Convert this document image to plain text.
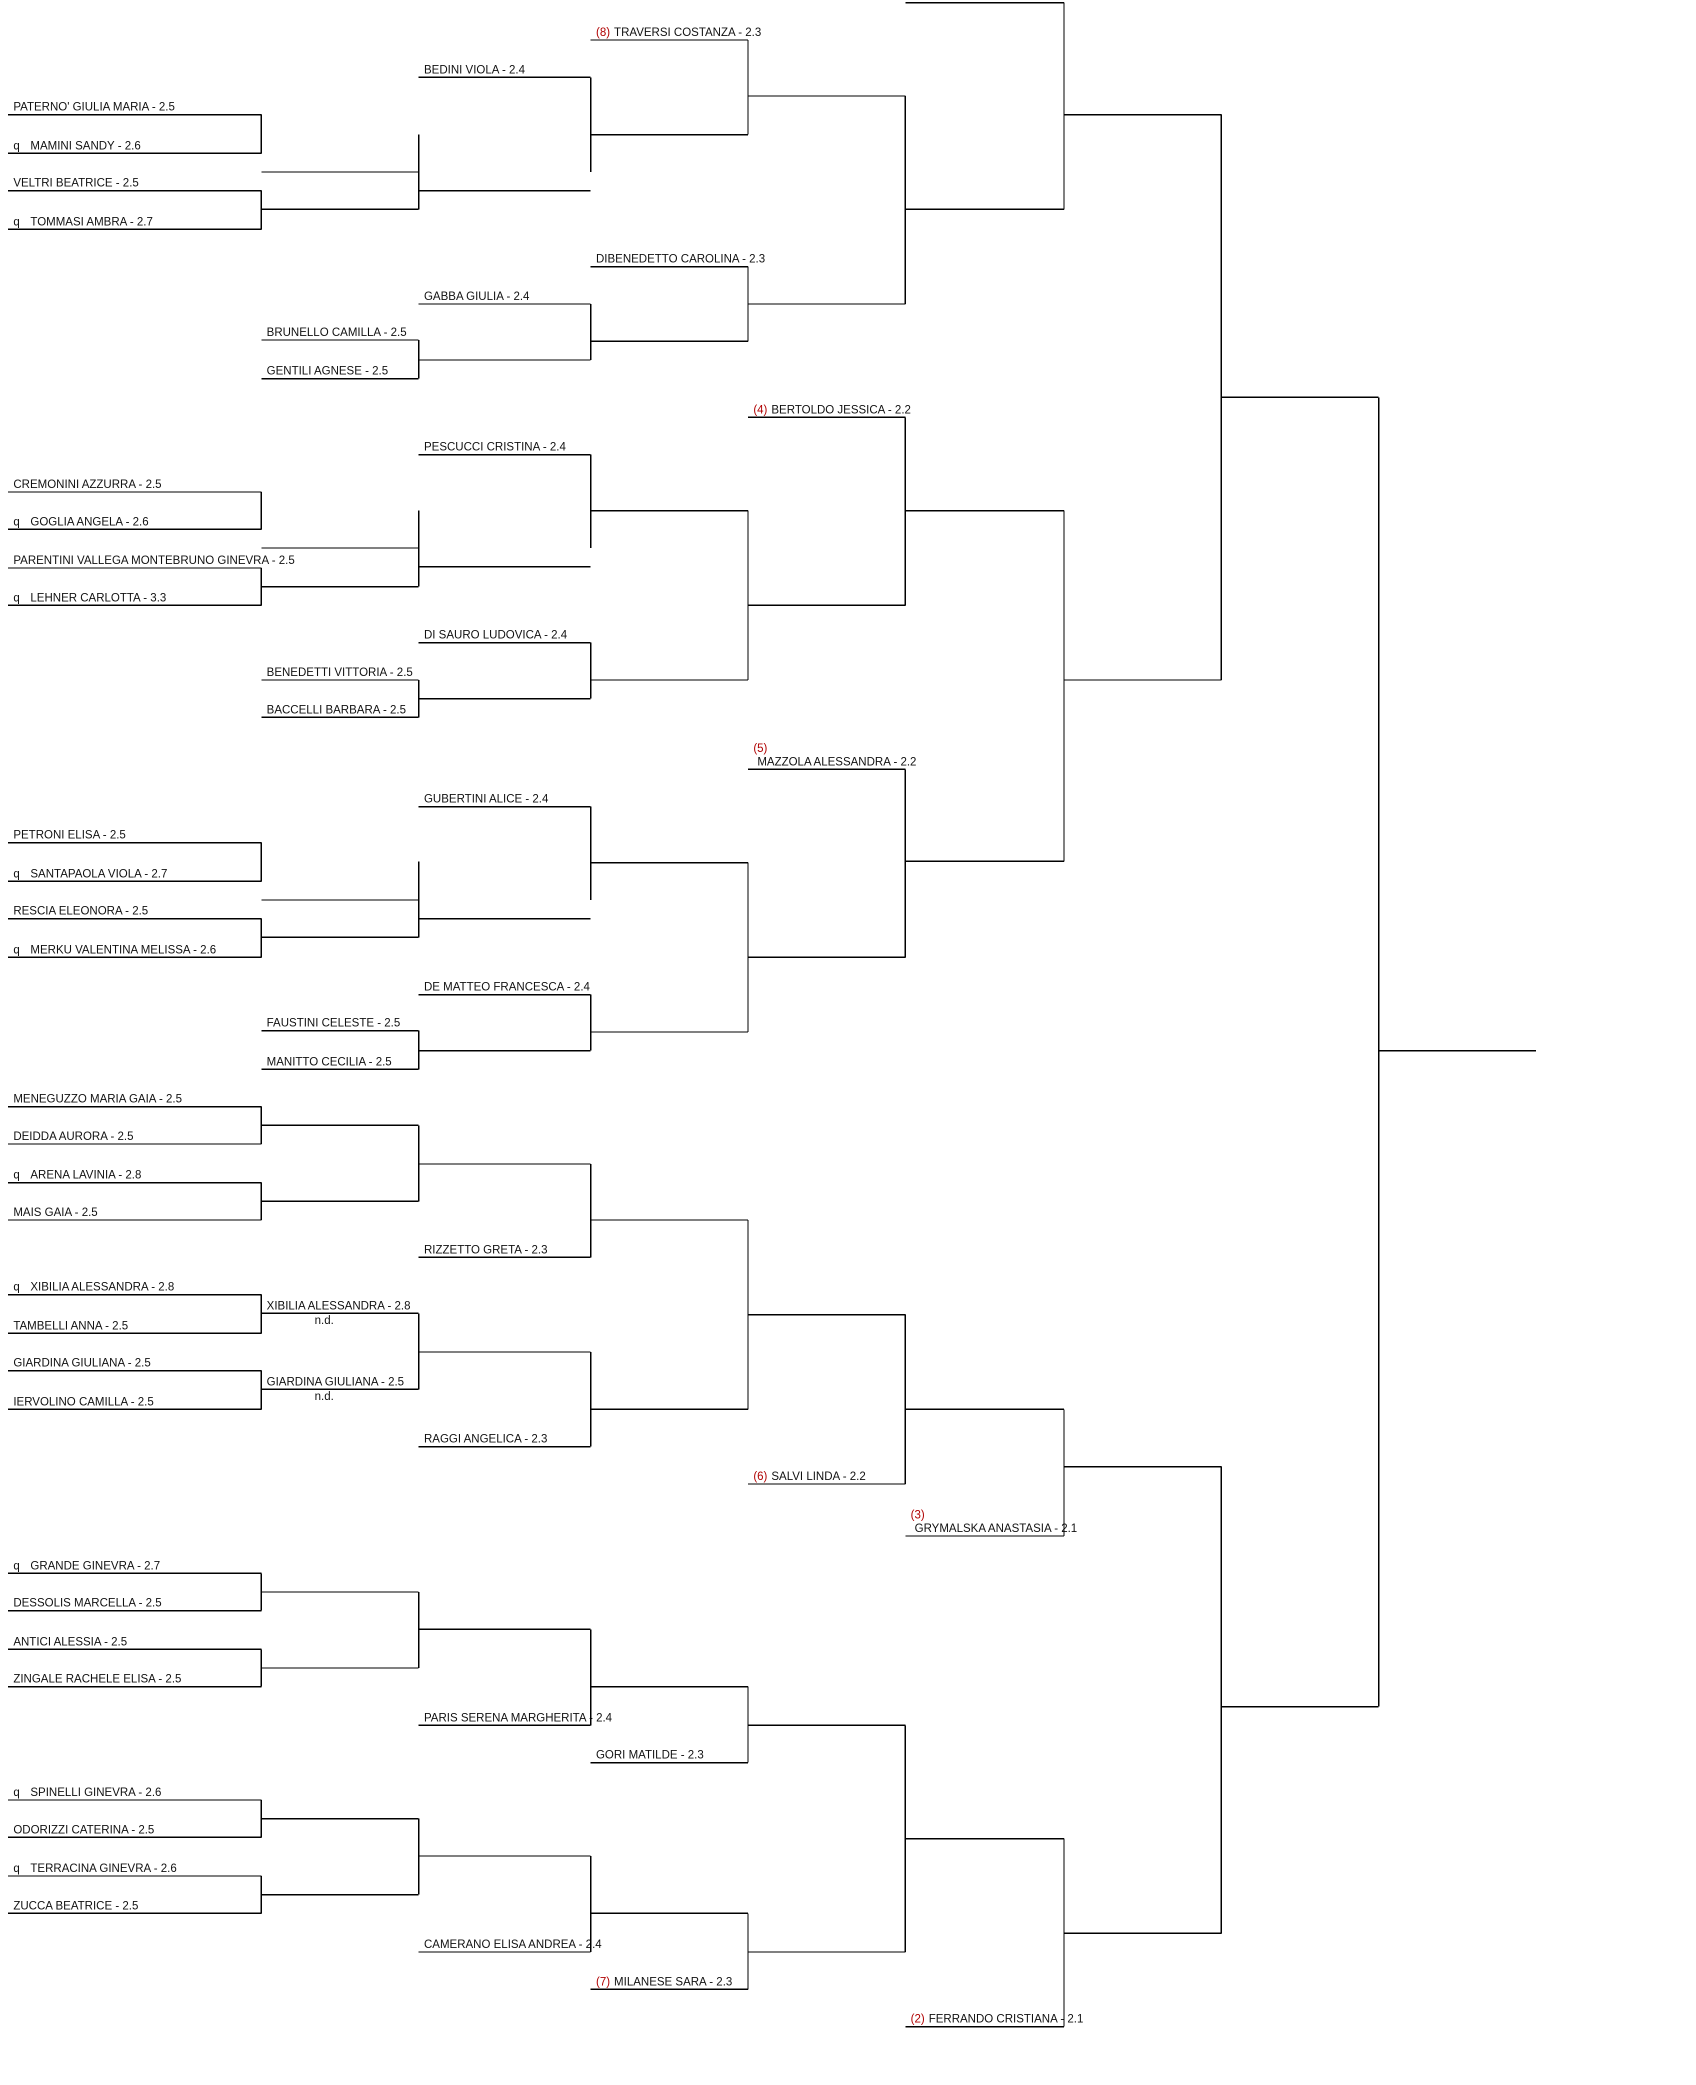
PATERNO' GIULIA MARIA - 2.5
q MAMINI SANDY - 2.6
VELTRI BEATRICE - 2.5
q TOMMASI AMBRA - 2.7
CREMONINI AZZURRA - 2.5
q GOGLIA ANGELA - 2.6
PARENTINI VALLEGA MONTEBRUNO GINEVRA - 2.5
q LEHNER CARLOTTA - 3.3
PETRONI ELISA - 2.5
q SANTAPAOLA VIOLA - 2.7
RESCIA ELEONORA - 2.5
q MERKU VALENTINA MELISSA - 2.6
MENEGUZZO MARIA GAIA - 2.5
DEIDDA AURORA - 2.5
q ARENA LAVINIA - 2.8
MAIS GAIA - 2.5
q XIBILIA ALESSANDRA - 2.8
TAMBELLI ANNA - 2.5
GIARDINA GIULIANA - 2.5
IERVOLINO CAMILLA - 2.5
q GRANDE GINEVRA - 2.7
DESSOLIS MARCELLA - 2.5
ANTICI ALESSIA - 2.5
ZINGALE RACHELE ELISA - 2.5
q SPINELLI GINEVRA - 2.6
ODORIZZI CATERINA - 2.5
q TERRACINA GINEVRA - 2.6
ZUCCA BEATRICE - 2.5
BRUNELLO CAMILLA - 2.5
GENTILI AGNESE - 2.5
BENEDETTI VITTORIA - 2.5
BACCELLI BARBARA - 2.5
FAUSTINI CELESTE - 2.5
MANITTO CECILIA - 2.5
XIBILIA ALESSANDRA - 2.8
GIARDINA GIULIANA - 2.5
BEDINI VIOLA - 2.4
GABBA GIULIA - 2.4
PESCUCCI CRISTINA - 2.4
DI SAURO LUDOVICA - 2.4
GUBERTINI ALICE - 2.4
DE MATTEO FRANCESCA - 2.4
RIZZETTO GRETA - 2.3
RAGGI ANGELICA - 2.3
PARIS SERENA MARGHERITA - 2.4
CAMERANO ELISA ANDREA - 2.4
(8) TRAVERSI COSTANZA - 2.3
DIBENEDETTO CAROLINA - 2.3
GORI MATILDE - 2.3
(7) MILANESE SARA - 2.3
(4) BERTOLDO JESSICA - 2.2
(5)
MAZZOLA ALESSANDRA - 2.2
(6) SALVI LINDA - 2.2
(3)
GRYMALSKA ANASTASIA - 2.1
(2) FERRANDO CRISTIANA - 2.1
n.d.
n.d.
